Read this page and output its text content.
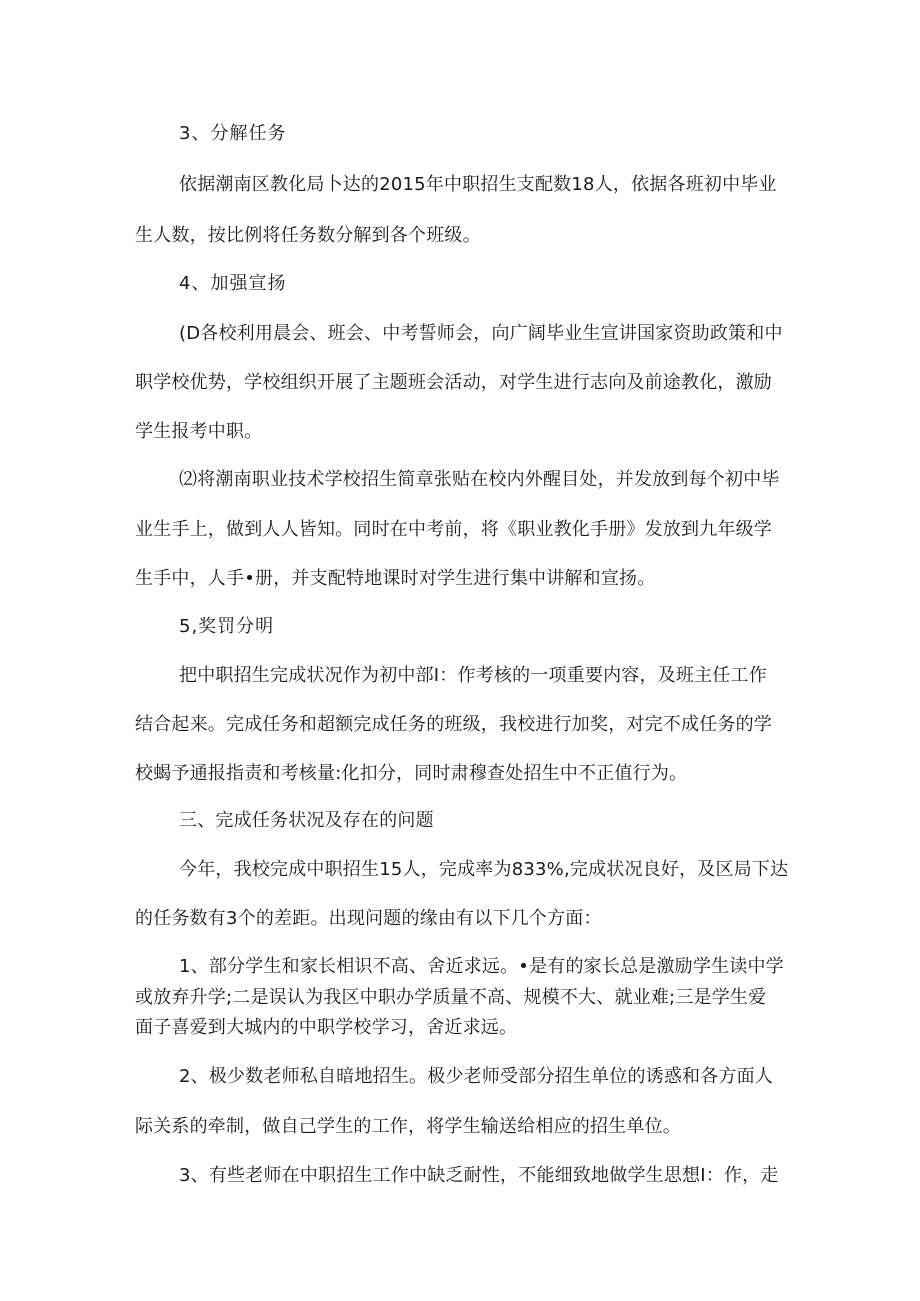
3、分解任务

依据潮南区教化局卜达的2015年中职招生支配数18人，依据各班初中毕业

生人数，按比例将任务数分解到各个班级。

4、加强宣扬

(D各校利用晨会、班会、中考誓师会，向广阔毕业生宣讲国家资助政策和中

职学校优势，学校组织开展了主题班会活动，对学生进行志向及前途教化，激励

学生报考中职。

⑵将潮南职业技术学校招生简章张贴在校内外醒目处，并发放到每个初中毕

业生手上，做到人人皆知。同时在中考前，将《职业教化手册》发放到九年级学

生手中，人手•册，并支配特地课时对学生进行集中讲解和宣扬。

5,奖罚分明

把中职招生完成状况作为初中部I：作考核的一项重要内容，及班主任工作

结合起来。完成任务和超额完成任务的班级，我校进行加奖，对完不成任务的学

校蝎予通报指责和考核量:化扣分，同时肃穆查处招生中不正值行为。

三、完成任务状况及存在的问题

今年，我校完成中职招生15人，完成率为833%,完成状况良好，及区局下达

的任务数有3个的差距。出现问题的缘由有以下几个方面：

1、部分学生和家长相识不高、舍近求远。•是有的家长总是激励学生读中学

或放弃升学;二是误认为我区中职办学质量不高、规模不大、就业难;三是学生爱

面子喜爱到大城内的中职学校学习，舍近求远。

2、极少数老师私自暗地招生。极少老师受部分招生单位的诱惑和各方面人

际关系的牵制，做自己学生的工作，将学生输送给相应的招生单位。

3、有些老师在中职招生工作中缺乏耐性，不能细致地做学生思想I：作，走
